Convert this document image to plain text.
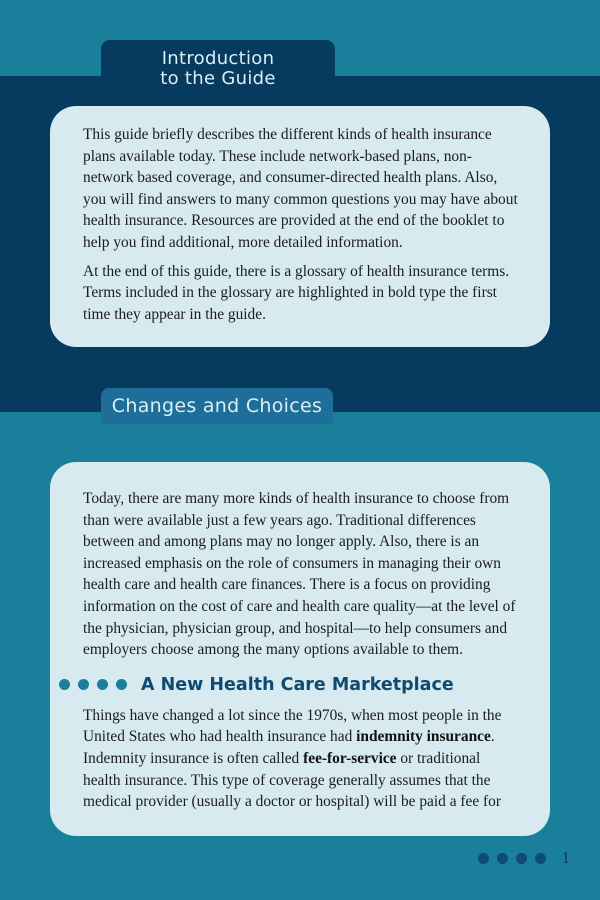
Introduction
to the Guide

This guide briefly describes the different kinds of health insurance plans available today. These include network-based plans, non-network based coverage, and consumer-directed health plans. Also, you will find answers to many common questions you may have about health insurance. Resources are provided at the end of the booklet to help you find additional, more detailed information.

At the end of this guide, there is a glossary of health insurance terms. Terms included in the glossary are highlighted in bold type the first time they appear in the guide.

Changes and Choices

Today, there are many more kinds of health insurance to choose from than were available just a few years ago. Traditional differences between and among plans may no longer apply. Also, there is an increased emphasis on the role of consumers in managing their own health care and health care finances. There is a focus on providing information on the cost of care and health care quality—at the level of the physician, physician group, and hospital—to help consumers and employers choose among the many options available to them.

A New Health Care Marketplace

Things have changed a lot since the 1970s, when most people in the United States who had health insurance had indemnity insurance. Indemnity insurance is often called fee-for-service or traditional health insurance. This type of coverage generally assumes that the medical provider (usually a doctor or hospital) will be paid a fee for

1
